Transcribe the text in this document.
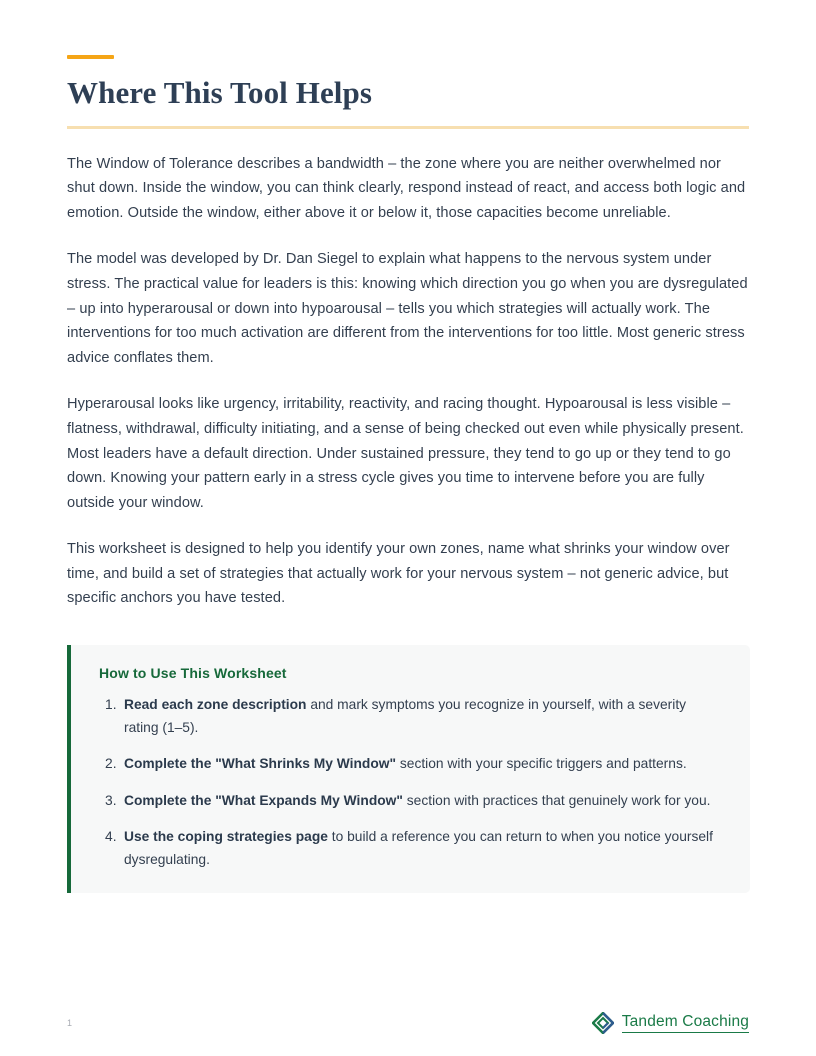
Where This Tool Helps

The Window of Tolerance describes a bandwidth – the zone where you are neither overwhelmed nor shut down. Inside the window, you can think clearly, respond instead of react, and access both logic and emotion. Outside the window, either above it or below it, those capacities become unreliable.

The model was developed by Dr. Dan Siegel to explain what happens to the nervous system under stress. The practical value for leaders is this: knowing which direction you go when you are dysregulated – up into hyperarousal or down into hypoarousal – tells you which strategies will actually work. The interventions for too much activation are different from the interventions for too little. Most generic stress advice conflates them.

Hyperarousal looks like urgency, irritability, reactivity, and racing thought. Hypoarousal is less visible – flatness, withdrawal, difficulty initiating, and a sense of being checked out even while physically present. Most leaders have a default direction. Under sustained pressure, they tend to go up or they tend to go down. Knowing your pattern early in a stress cycle gives you time to intervene before you are fully outside your window.

This worksheet is designed to help you identify your own zones, name what shrinks your window over time, and build a set of strategies that actually work for your nervous system – not generic advice, but specific anchors you have tested.

How to Use This Worksheet
Read each zone description and mark symptoms you recognize in yourself, with a severity rating (1–5).
Complete the "What Shrinks My Window" section with your specific triggers and patterns.
Complete the "What Expands My Window" section with practices that genuinely work for you.
Use the coping strategies page to build a reference you can return to when you notice yourself dysregulating.
1	Tandem Coaching
